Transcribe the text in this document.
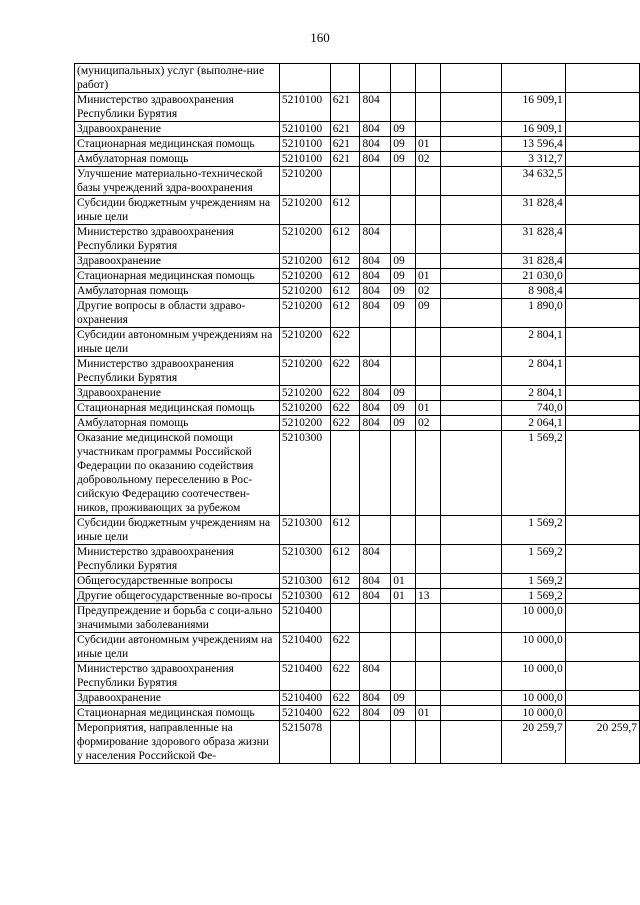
160
(муниципальных) услуг (выполне-ние работ)								
Министерство здравоохранения Республики Бурятия	5210100	621	804				16 909,1	
Здравоохранение	5210100	621	804	09			16 909,1	
Стационарная медицинская помощь	5210100	621	804	09	01		13 596,4	
Амбулаторная помощь	5210100	621	804	09	02		3 312,7	
Улучшение материально-технической базы учреждений здра-воохранения	5210200						34 632,5	
Субсидии бюджетным учреждениям на иные цели	5210200	612					31 828,4	
Министерство здравоохранения Республики Бурятия	5210200	612	804				31 828,4	
Здравоохранение	5210200	612	804	09			31 828,4	
Стационарная медицинская помощь	5210200	612	804	09	01		21 030,0	
Амбулаторная помощь	5210200	612	804	09	02		8 908,4	
Другие вопросы в области здраво-охранения	5210200	612	804	09	09		1 890,0	
Субсидии автономным учреждениям на иные цели	5210200	622					2 804,1	
Министерство здравоохранения Республики Бурятия	5210200	622	804				2 804,1	
Здравоохранение	5210200	622	804	09			2 804,1	
Стационарная медицинская помощь	5210200	622	804	09	01		740,0	
Амбулаторная помощь	5210200	622	804	09	02		2 064,1	
Оказание медицинской помощи участникам программы Российской Федерации по оказанию содействия добровольному переселению в Рос-сийскую Федерацию соотечествен-ников, проживающих за рубежом	5210300						1 569,2	
Субсидии бюджетным учреждениям на иные цели	5210300	612					1 569,2	
Министерство здравоохранения Республики Бурятия	5210300	612	804				1 569,2	
Общегосударственные вопросы	5210300	612	804	01			1 569,2	
Другие общегосударственные во-просы	5210300	612	804	01	13		1 569,2	
Предупреждение и борьба с соци-ально значимыми заболеваниями	5210400						10 000,0	
Субсидии автономным учреждениям на иные цели	5210400	622					10 000,0	
Министерство здравоохранения Республики Бурятия	5210400	622	804				10 000,0	
Здравоохранение	5210400	622	804	09			10 000,0	
Стационарная медицинская помощь	5210400	622	804	09	01		10 000,0	
Мероприятия, направленные на формирование здорового образа жизни у населения Российской Фе-	5215078						20 259,7	20 259,7
